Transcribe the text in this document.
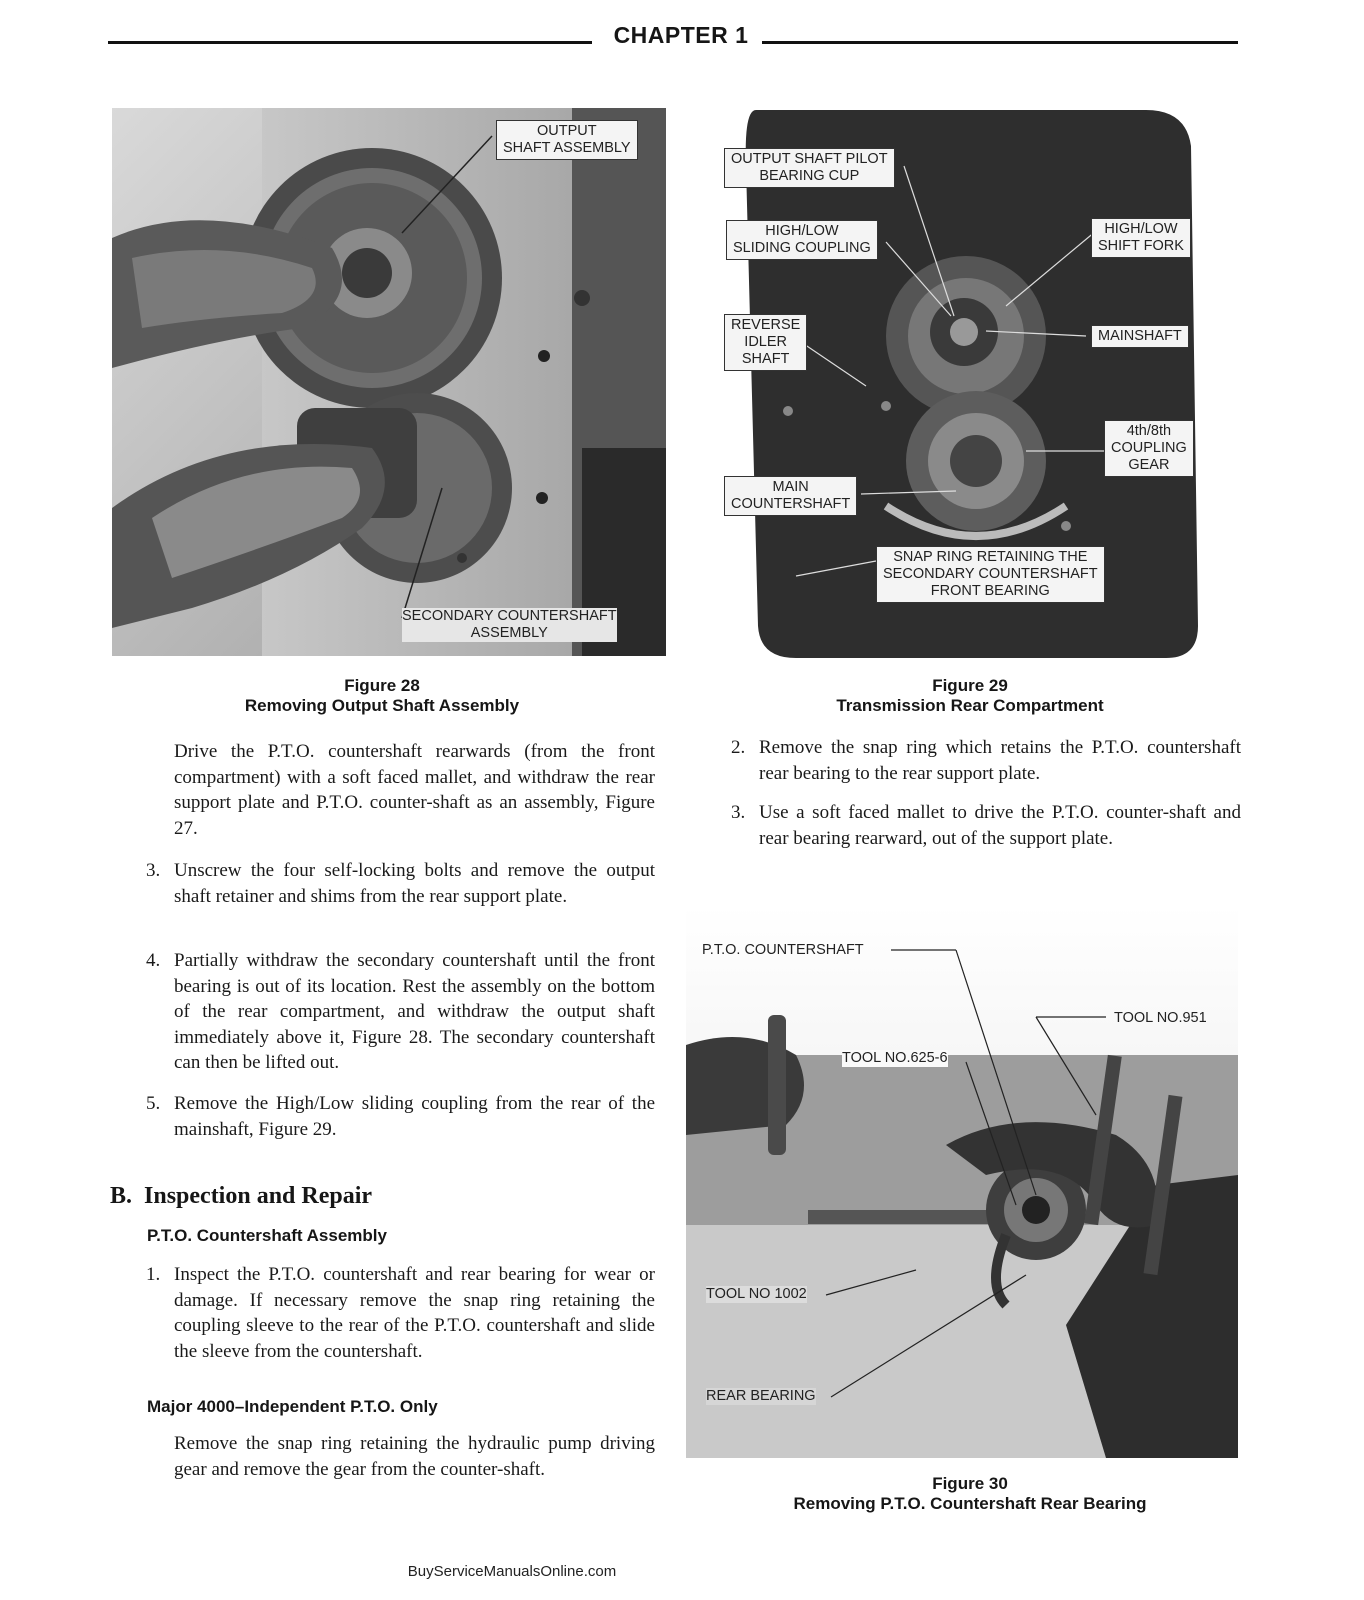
CHAPTER 1
OUTPUT
SHAFT ASSEMBLY
SECONDARY COUNTERSHAFT
ASSEMBLY
Figure 28
Removing Output Shaft Assembly
OUTPUT SHAFT PILOT
BEARING CUP
HIGH/LOW
SLIDING COUPLING
HIGH/LOW
SHIFT FORK
REVERSE
IDLER
SHAFT
MAINSHAFT
4th/8th
COUPLING
GEAR
MAIN
COUNTERSHAFT
SNAP RING RETAINING THE
SECONDARY COUNTERSHAFT
FRONT BEARING
Figure 29
Transmission Rear Compartment
2. Remove the snap ring which retains the P.T.O. countershaft rear bearing to the rear support plate.
3. Use a soft faced mallet to drive the P.T.O. counter-shaft and rear bearing rearward, out of the support plate.
P.T.O. COUNTERSHAFT
TOOL NO.951
TOOL NO.625-6
TOOL NO 1002
REAR BEARING
Figure 30
Removing P.T.O. Countershaft Rear Bearing

Drive the P.T.O. countershaft rearwards (from the front compartment) with a soft faced mallet, and withdraw the rear support plate and P.T.O. counter-shaft as an assembly, Figure 27.

3. Unscrew the four self-locking bolts and remove the output shaft retainer and shims from the rear support plate.
4. Partially withdraw the secondary countershaft until the front bearing is out of its location. Rest the assembly on the bottom of the rear compartment, and withdraw the output shaft immediately above it, Figure 28. The secondary countershaft can then be lifted out.
5. Remove the High/Low sliding coupling from the rear of the mainshaft, Figure 29.
B.  Inspection and Repair
P.T.O. Countershaft Assembly
1. Inspect the P.T.O. countershaft and rear bearing for wear or damage. If necessary remove the snap ring retaining the coupling sleeve to the rear of the P.T.O. countershaft and slide the sleeve from the countershaft.
Major 4000–Independent P.T.O. Only

Remove the snap ring retaining the hydraulic pump driving gear and remove the gear from the counter-shaft.

BuyServiceManualsOnline.com
